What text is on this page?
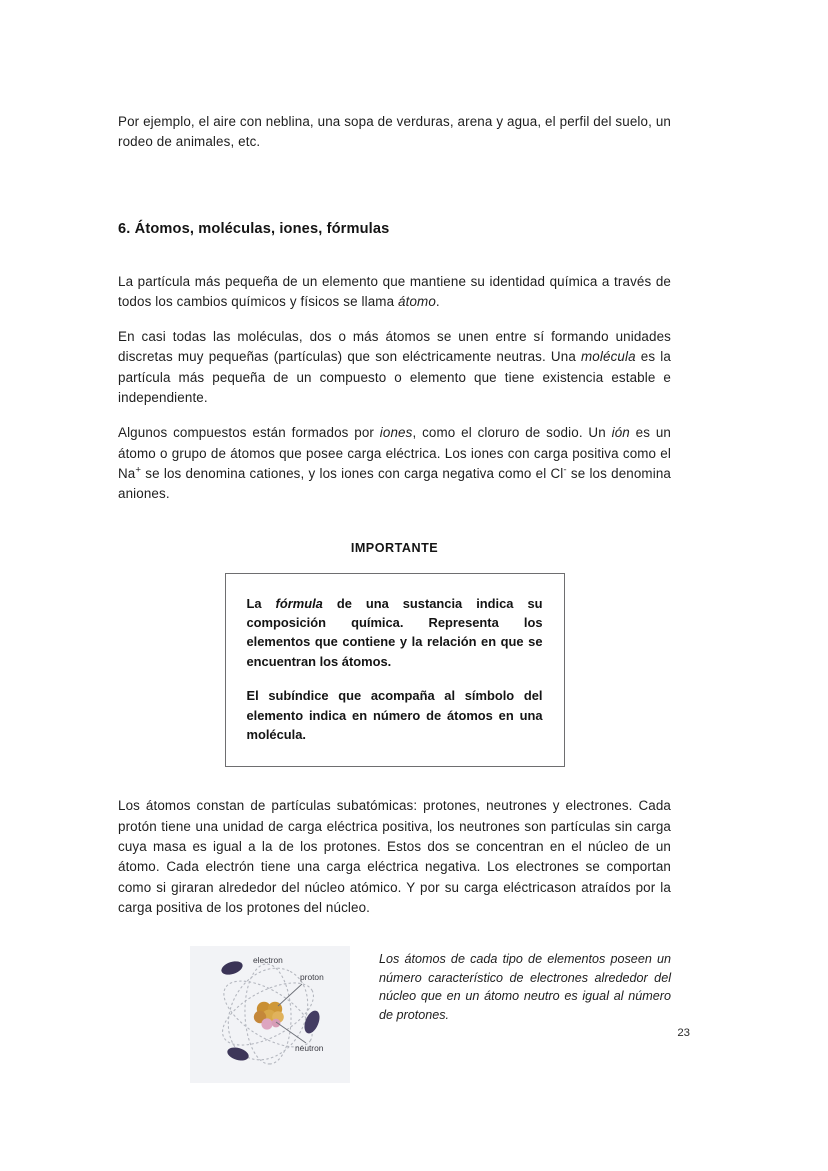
Por ejemplo, el aire con neblina, una sopa de verduras, arena y agua, el perfil del suelo, un rodeo de animales, etc.

6. Átomos, moléculas, iones, fórmulas

La partícula más pequeña de un elemento que mantiene su identidad química a través de todos los cambios químicos y físicos se llama átomo.

En casi todas las moléculas, dos o más átomos se unen entre sí formando unidades discretas muy pequeñas (partículas) que son eléctricamente neutras. Una molécula es la partícula más pequeña de un compuesto o elemento que tiene existencia estable e independiente.

Algunos compuestos están formados por iones, como el cloruro de sodio. Un ión es un átomo o grupo de átomos que posee carga eléctrica. Los iones con carga positiva como el Na+ se los denomina cationes, y los iones con carga negativa como el Cl- se los denomina aniones.

IMPORTANTE

La fórmula de una sustancia indica su composición química. Representa los elementos que contiene y la relación en que se encuentran los átomos.

El subíndice que acompaña al símbolo del elemento indica en número de átomos en una molécula.

Los átomos constan de partículas subatómicas: protones, neutrones y electrones. Cada protón tiene una unidad de carga eléctrica positiva, los neutrones son partículas sin carga cuya masa es igual a la de los protones. Estos dos se concentran en el núcleo de un átomo. Cada electrón tiene una carga eléctrica negativa. Los electrones se comportan como si giraran alrededor del núcleo atómico. Y por su carga eléctricason atraídos por la carga positiva de los protones del núcleo.

electron
proton
neutron
Los átomos de cada tipo de elementos poseen un número característico de electrones alrededor del núcleo que en un átomo neutro es igual al número de protones.
23
